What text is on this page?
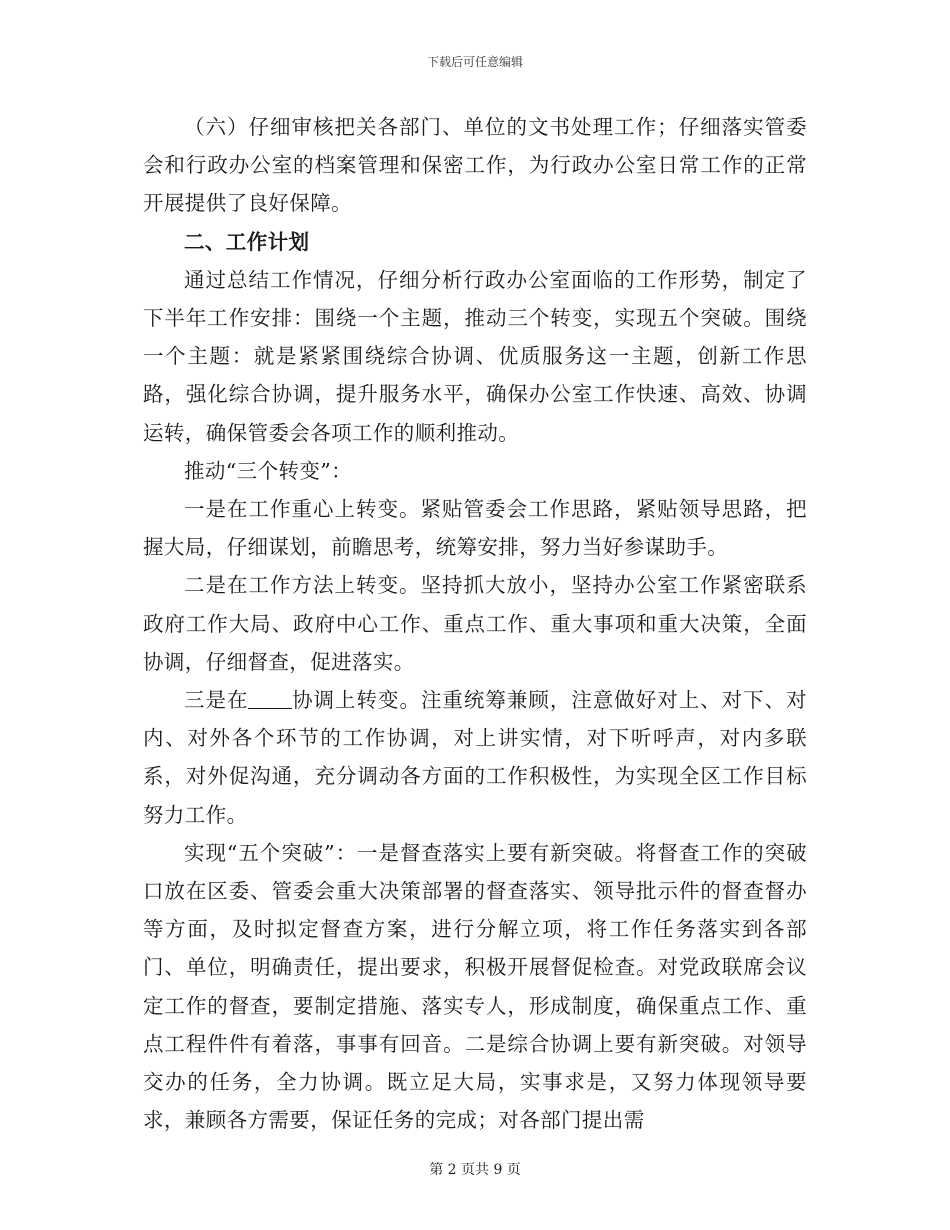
下载后可任意编辑

（六）仔细审核把关各部门、单位的文书处理工作；仔细落实管委会和行政办公室的档案管理和保密工作，为行政办公室日常工作的正常开展提供了良好保障。

二、工作计划

通过总结工作情况，仔细分析行政办公室面临的工作形势，制定了下半年工作安排：围绕一个主题，推动三个转变，实现五个突破。围绕一个主题：就是紧紧围绕综合协调、优质服务这一主题，创新工作思路，强化综合协调，提升服务水平，确保办公室工作快速、高效、协调运转，确保管委会各项工作的顺利推动。

推动“三个转变”：

一是在工作重心上转变。紧贴管委会工作思路，紧贴领导思路，把握大局，仔细谋划，前瞻思考，统筹安排，努力当好参谋助手。

二是在工作方法上转变。坚持抓大放小，坚持办公室工作紧密联系政府工作大局、政府中心工作、重点工作、重大事项和重大决策，全面协调，仔细督查，促进落实。

三是在 协调上转变。注重统筹兼顾，注意做好对上、对下、对内、对外各个环节的工作协调，对上讲实情，对下听呼声，对内多联系，对外促沟通，充分调动各方面的工作积极性，为实现全区工作目标努力工作。

实现“五个突破”：一是督查落实上要有新突破。将督查工作的突破口放在区委、管委会重大决策部署的督查落实、领导批示件的督查督办等方面，及时拟定督查方案，进行分解立项，将工作任务落实到各部门、单位，明确责任，提出要求，积极开展督促检查。对党政联席会议定工作的督查，要制定措施、落实专人，形成制度，确保重点工作、重点工程件件有着落，事事有回音。二是综合协调上要有新突破。对领导交办的任务，全力协调。既立足大局，实事求是，又努力体现领导要求，兼顾各方需要，保证任务的完成；对各部门提出需

第 2 页共 9 页
